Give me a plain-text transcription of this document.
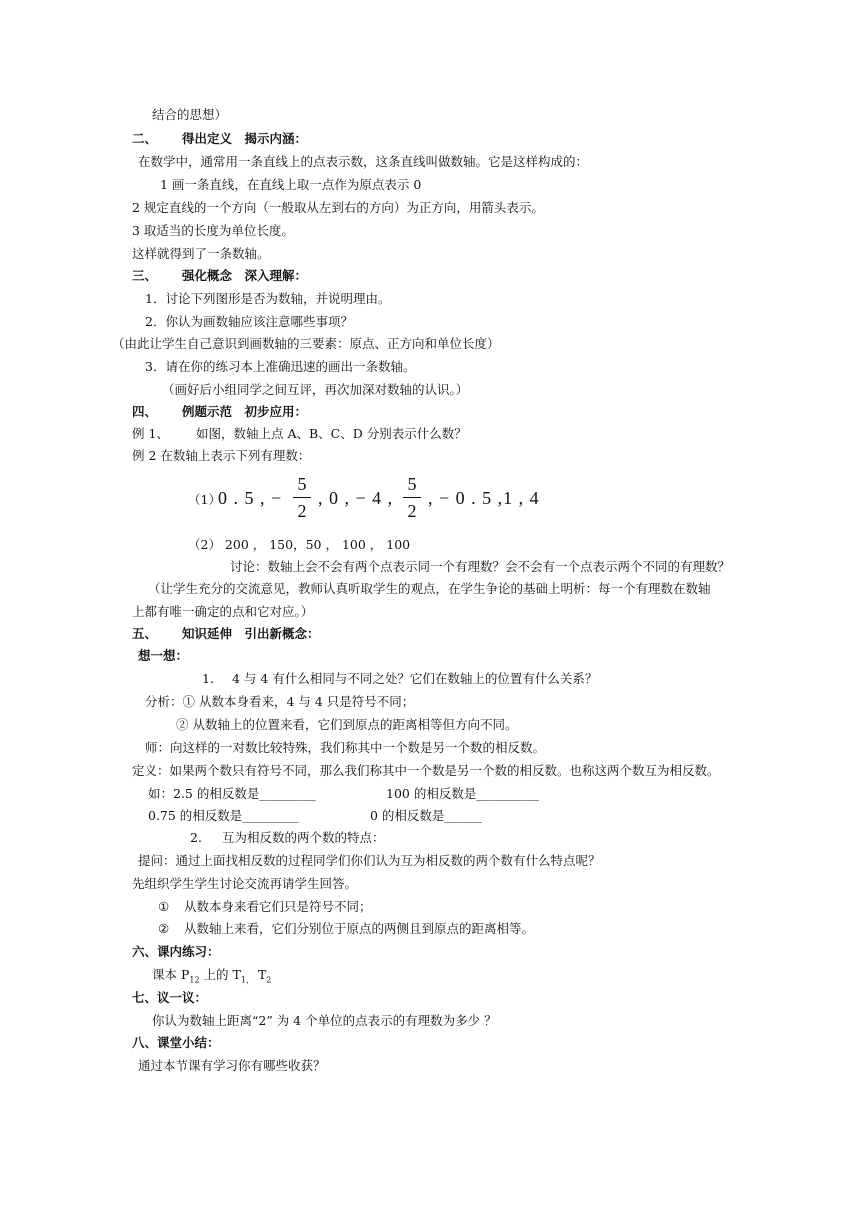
结合的思想）
二、 得出定义　揭示内涵：
在数学中，通常用一条直线上的点表示数，这条直线叫做数轴。它是这样构成的：
1 画一条直线，在直线上取一点作为原点表示 0
2 规定直线的一个方向（一般取从左到右的方向）为正方向，用箭头表示。
3 取适当的长度为单位长度。
这样就得到了一条数轴。
三、 强化概念　深入理解：
1．讨论下列图形是否为数轴，并说明理由。
2．你认为画数轴应该注意哪些事项？
（由此让学生自己意识到画数轴的三要素：原点、正方向和单位长度）
3．请在你的练习本上准确迅速的画出一条数轴。
（画好后小组同学之间互评，再次加深对数轴的认识。）
四、 例题示范　初步应用：
例 1、 如图，数轴上点 A、B、C、D 分别表示什么数？
例 2 在数轴上表示下列有理数：
（1）
0 . 5 , −
5
2
, 0 , − 4 ,
5
2
, − 0 . 5 ,1 , 4
（2） 200 ， 150，50 ， 100 ， 100
讨论：数轴上会不会有两个点表示同一个有理数？会不会有一个点表示两个不同的有理数？
（让学生充分的交流意见，教师认真听取学生的观点，在学生争论的基础上明析：每一个有理数在数轴
上都有唯一确定的点和它对应。）
五、 知识延伸　引出新概念：
想一想：
1. 4 与 4 有什么相同与不同之处？它们在数轴上的位置有什么关系？
分析：① 从数本身看来，4 与 4 只是符号不同；
② 从数轴上的位置来看，它们到原点的距离相等但方向不同。
师：向这样的一对数比较特殊，我们称其中一个数是另一个数的相反数。
定义：如果两个数只有符号不同，那么我们称其中一个数是另一个数的相反数。也称这两个数互为相反数。
如：2.5 的相反数是_________	100 的相反数是__________
0.75 的相反数是_________	0 的相反数是______
2. 互为相反数的两个数的特点：
提问：通过上面找相反数的过程同学们你们认为互为相反数的两个数有什么特点呢？
先组织学生学生讨论交流再请学生回答。
① 从数本身来看它们只是符号不同；
② 从数轴上来看，它们分别位于原点的两侧且到原点的距离相等。
六、课内练习：
课本 $P_{12}$ 上的 $T_{1,}$ $T_2$
七、议一议：
你认为数轴上距离“2” 为 4 个单位的点表示的有理数为多少 ？
八、课堂小结：
通过本节课有学习你有哪些收获？
